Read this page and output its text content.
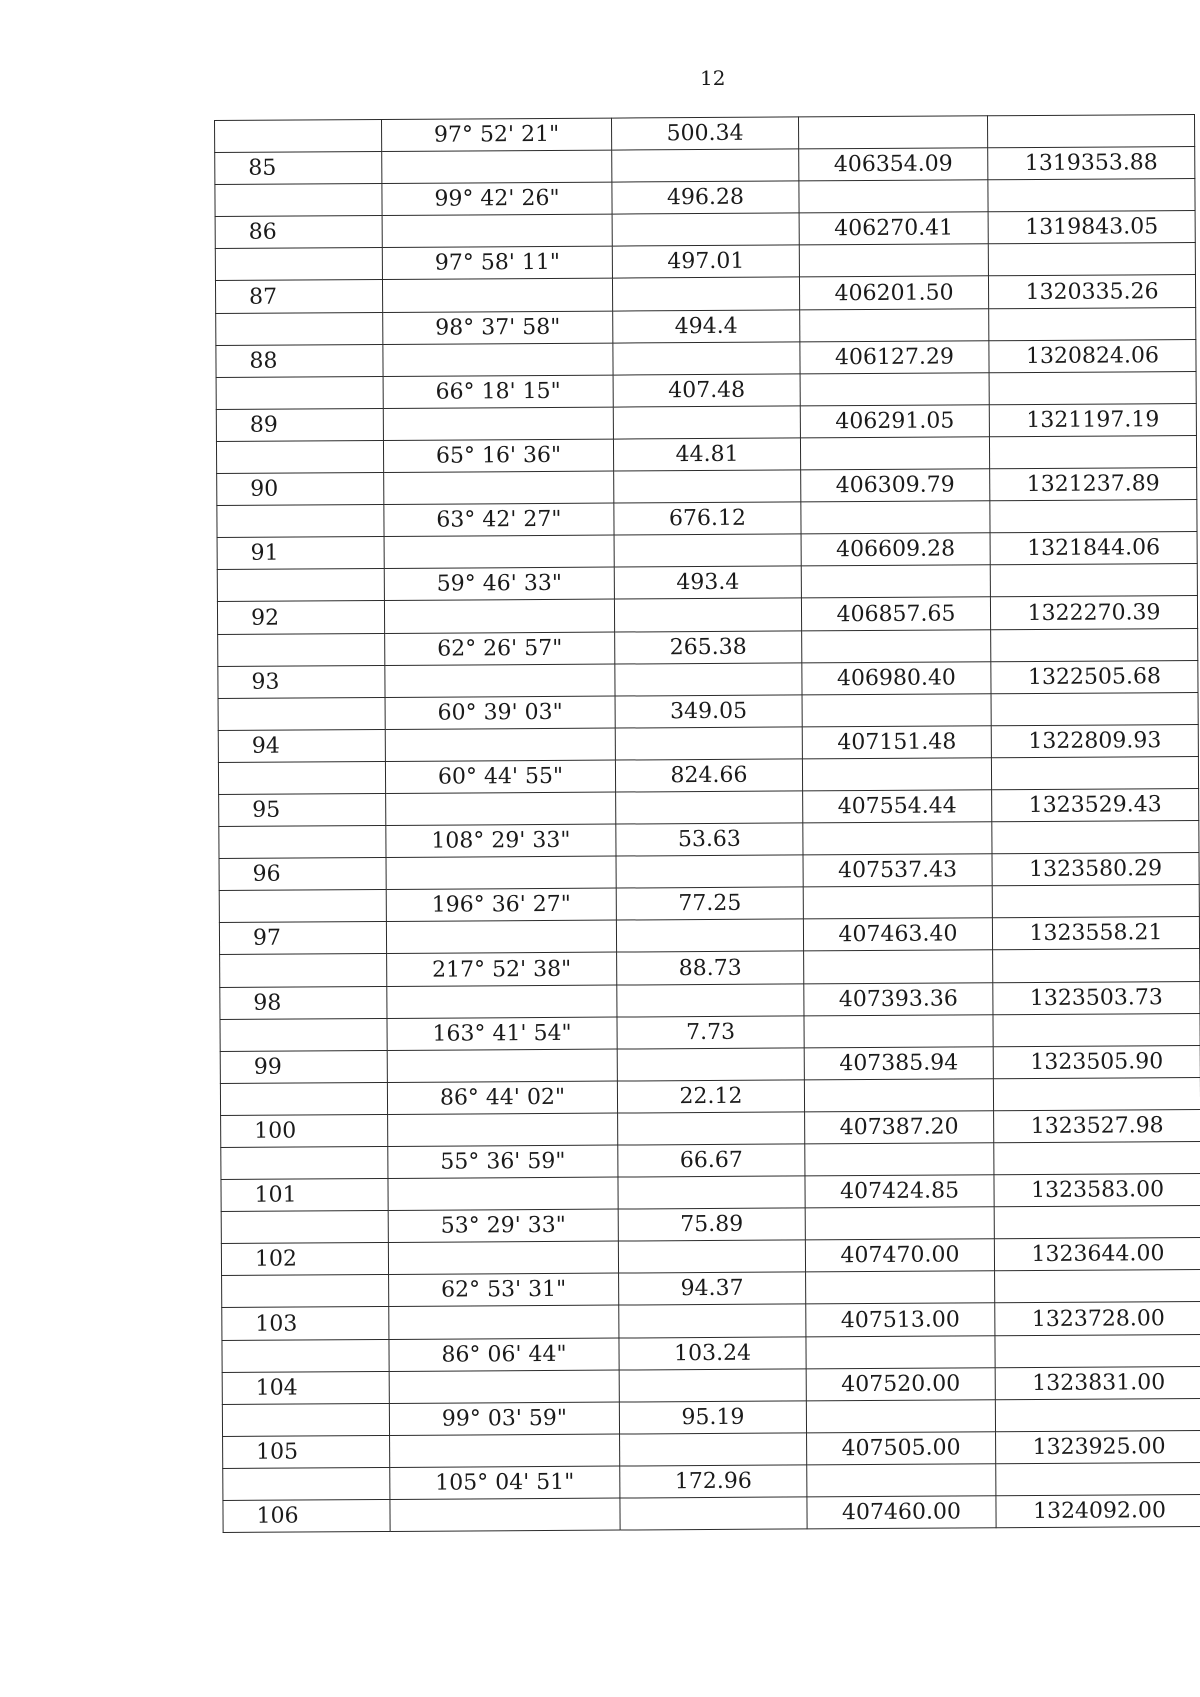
12
	97° 52' 21"	500.34		
85			406354.09	1319353.88
	99° 42' 26"	496.28		
86			406270.41	1319843.05
	97° 58' 11"	497.01		
87			406201.50	1320335.26
	98° 37' 58"	494.4		
88			406127.29	1320824.06
	66° 18' 15"	407.48		
89			406291.05	1321197.19
	65° 16' 36"	44.81		
90			406309.79	1321237.89
	63° 42' 27"	676.12		
91			406609.28	1321844.06
	59° 46' 33"	493.4		
92			406857.65	1322270.39
	62° 26' 57"	265.38		
93			406980.40	1322505.68
	60° 39' 03"	349.05		
94			407151.48	1322809.93
	60° 44' 55"	824.66		
95			407554.44	1323529.43
	108° 29' 33"	53.63		
96			407537.43	1323580.29
	196° 36' 27"	77.25		
97			407463.40	1323558.21
	217° 52' 38"	88.73		
98			407393.36	1323503.73
	163° 41' 54"	7.73		
99			407385.94	1323505.90
	86° 44' 02"	22.12		
100			407387.20	1323527.98
	55° 36' 59"	66.67		
101			407424.85	1323583.00
	53° 29' 33"	75.89		
102			407470.00	1323644.00
	62° 53' 31"	94.37		
103			407513.00	1323728.00
	86° 06' 44"	103.24		
104			407520.00	1323831.00
	99° 03' 59"	95.19		
105			407505.00	1323925.00
	105° 04' 51"	172.96		
106			407460.00	1324092.00
